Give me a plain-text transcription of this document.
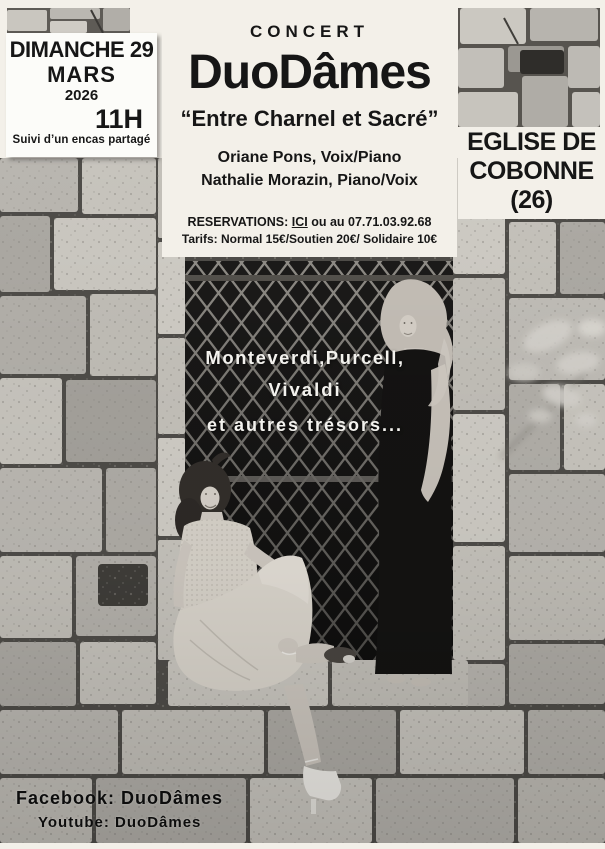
DIMANCHE 29
MARS
2026
11H
Suivi d’un encas partagé
CONCERT
DuoDâmes
“Entre Charnel et Sacré”
Oriane Pons, Voix/Piano
Nathalie Morazin, Piano/Voix
RESERVATIONS: ICI ou au 07.71.03.92.68
Tarifs: Normal 15€/Soutien 20€/ Solidaire 10€
EGLISE DE
COBONNE
(26)
Monteverdi,Purcell,
Vivaldi
et autres trésors...
Facebook: DuoDâmes
Youtube: DuoDâmes
